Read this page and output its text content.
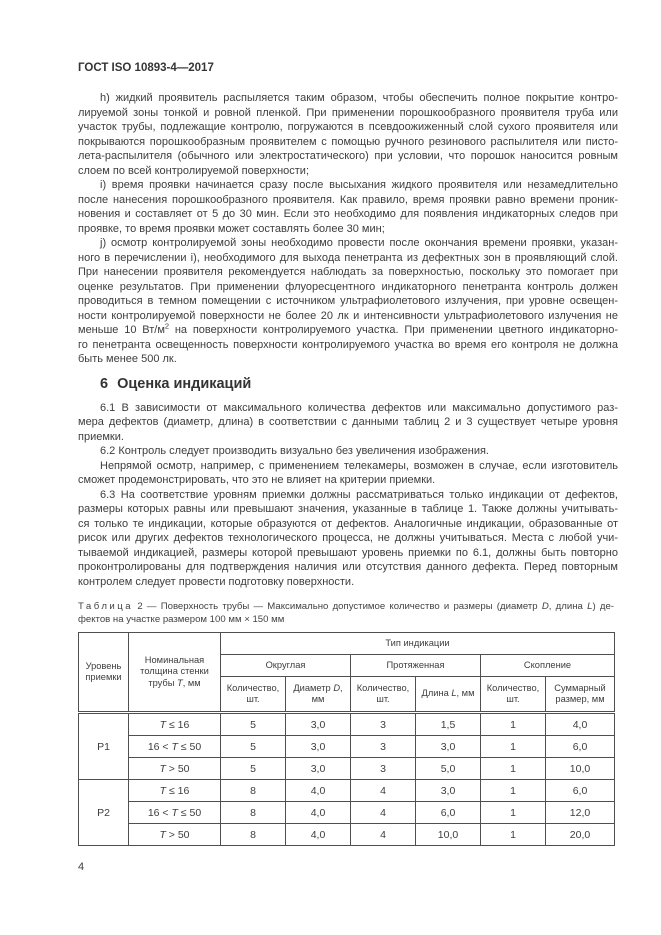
ГОСТ ISO 10893-4—2017
h) жидкий проявитель распыляется таким образом, чтобы обеспечить полное покрытие контро-
лируемой зоны тонкой и ровной пленкой. При применении порошкообразного проявителя труба или
участок трубы, подлежащие контролю, погружаются в псевдоожиженный слой сухого проявителя или
покрываются порошкообразным проявителем с помощью ручного резинового распылителя или писто-
лета-распылителя (обычного или электростатического) при условии, что порошок наносится ровным
слоем по всей контролируемой поверхности;
i) время проявки начинается сразу после высыхания жидкого проявителя или незамедлительно
после нанесения порошкообразного проявителя. Как правило, время проявки равно времени проник-
новения и составляет от 5 до 30 мин. Если это необходимо для появления индикаторных следов при
проявке, то время проявки может составлять более 30 мин;
j) осмотр контролируемой зоны необходимо провести после окончания времени проявки, указан-
ного в перечислении i), необходимого для выхода пенетранта из дефектных зон в проявляющий слой.
При нанесении проявителя рекомендуется наблюдать за поверхностью, поскольку это помогает при
оценке результатов. При применении флуоресцентного индикаторного пенетранта контроль должен
проводиться в темном помещении с источником ультрафиолетового излучения, при уровне освещен-
ности контролируемой поверхности не более 20 лк и интенсивности ультрафиолетового излучения не
меньше 10 $Вт/м^2$ на поверхности контролируемого участка. При применении цветного индикаторно-
го пенетранта освещенность поверхности контролируемого участка во время его контроля не должна
быть менее 500 лк.
6 Оценка индикаций
6.1 В зависимости от максимального количества дефектов или максимально допустимого раз-
мера дефектов (диаметр, длина) в соответствии с данными таблиц 2 и 3 существует четыре уровня
приемки.
6.2 Контроль следует производить визуально без увеличения изображения.
Непрямой осмотр, например, с применением телекамеры, возможен в случае, если изготовитель
сможет продемонстрировать, что это не влияет на критерии приемки.
6.3 На соответствие уровням приемки должны рассматриваться только индикации от дефектов,
размеры которых равны или превышают значения, указанные в таблице 1. Также должны учитывать-
ся только те индикации, которые образуются от дефектов. Аналогичные индикации, образованные от
рисок или других дефектов технологического процесса, не должны учитываться. Места с любой учи-
тываемой индикацией, размеры которой превышают уровень приемки по 6.1, должны быть повторно
проконтролированы для подтверждения наличия или отсутствия данного дефекта. Перед повторным
контролем следует провести подготовку поверхности.
Таблица 2 — Поверхность трубы — Максимально допустимое количество и размеры (диаметр D, длина L) де-
фектов на участке размером 100 мм × 150 мм
Уровень приемки	Номинальная толщина стенки трубы Т, мм	Тип индикации					
		Округлая		Протяженная		Скопление	
		Количество, шт.	Диаметр D, мм	Количество, шт.	Длина L, мм	Количество, шт.	Суммарный размер, мм
Р1	Т ≤ 16	5	3,0	3	1,5	1	4,0
	16 < Т ≤ 50	5	3,0	3	3,0	1	6,0
	Т > 50	5	3,0	3	5,0	1	10,0
Р2	Т ≤ 16	8	4,0	4	3,0	1	6,0
	16 < Т ≤ 50	8	4,0	4	6,0	1	12,0
	Т > 50	8	4,0	4	10,0	1	20,0
4
